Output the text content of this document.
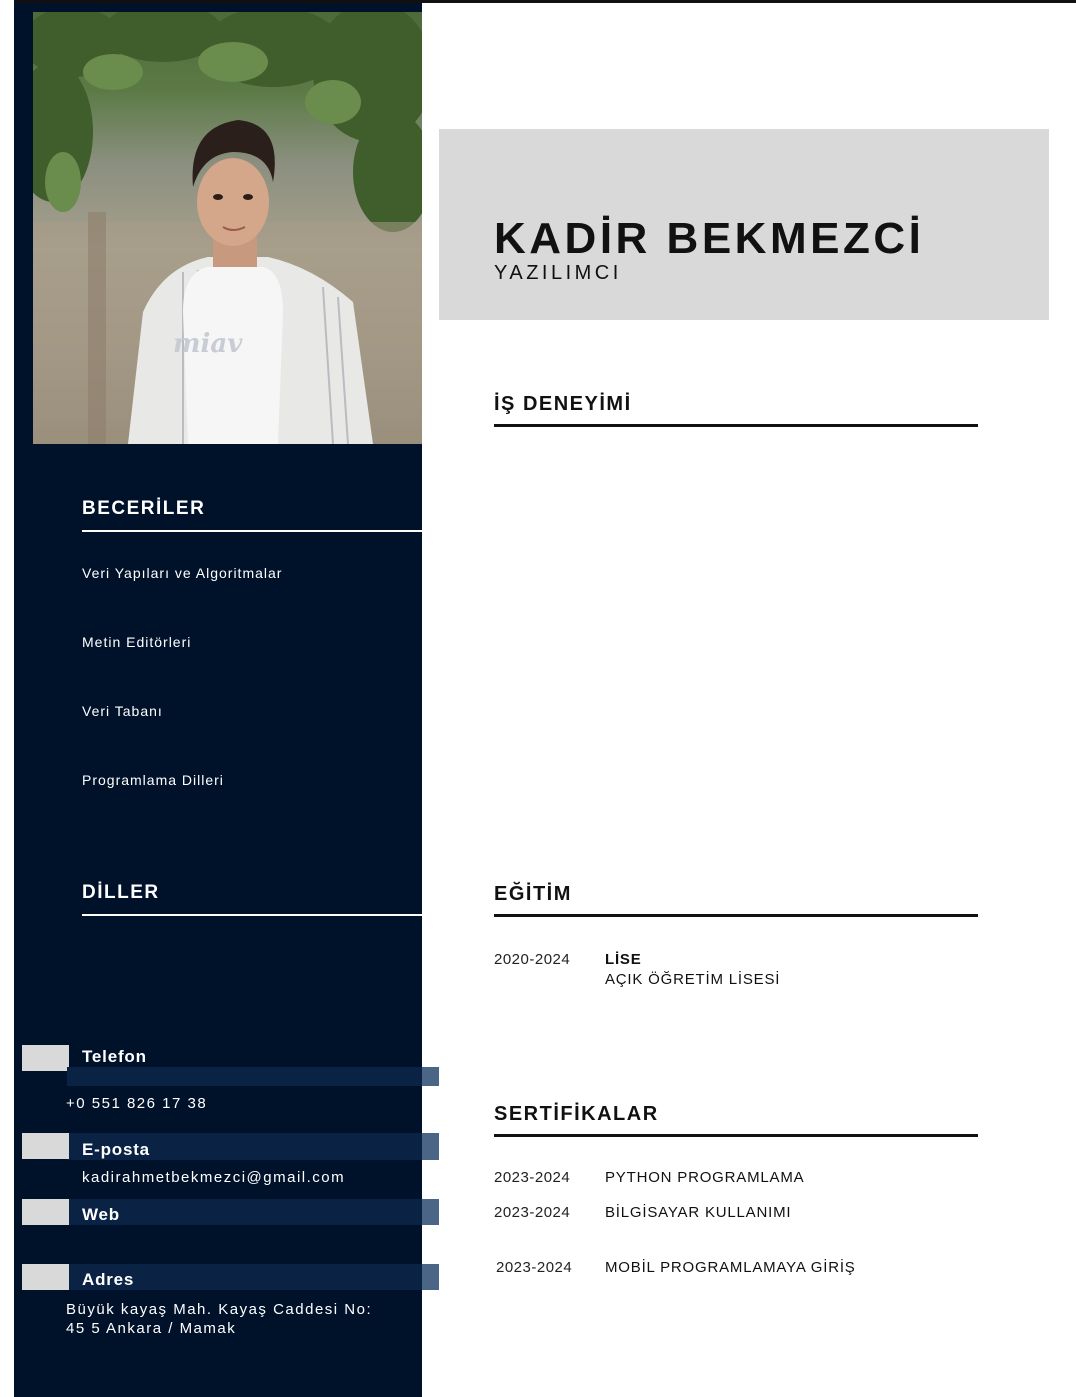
miav
BECERİLER
Veri Yapıları ve Algoritmalar
Metin Editörleri
Veri Tabanı
Programlama Dilleri
DİLLER
Telefon
+0 551 826 17 38
E-posta
kadirahmetbekmezci@gmail.com
Web
Adres
Büyük kayaş Mah. Kayaş Caddesi No:
45 5 Ankara / Mamak
KADİR BEKMEZCİ
YAZILIMCI
İŞ DENEYİMİ
EĞİTİM
2020-2024 LİSE
AÇIK ÖĞRETİM LİSESİ
SERTİFİKALAR
2023-2024 PYTHON PROGRAMLAMA
2023-2024 BİLGİSAYAR KULLANIMI
2023-2024 MOBİL PROGRAMLAMAYA GİRİŞ
